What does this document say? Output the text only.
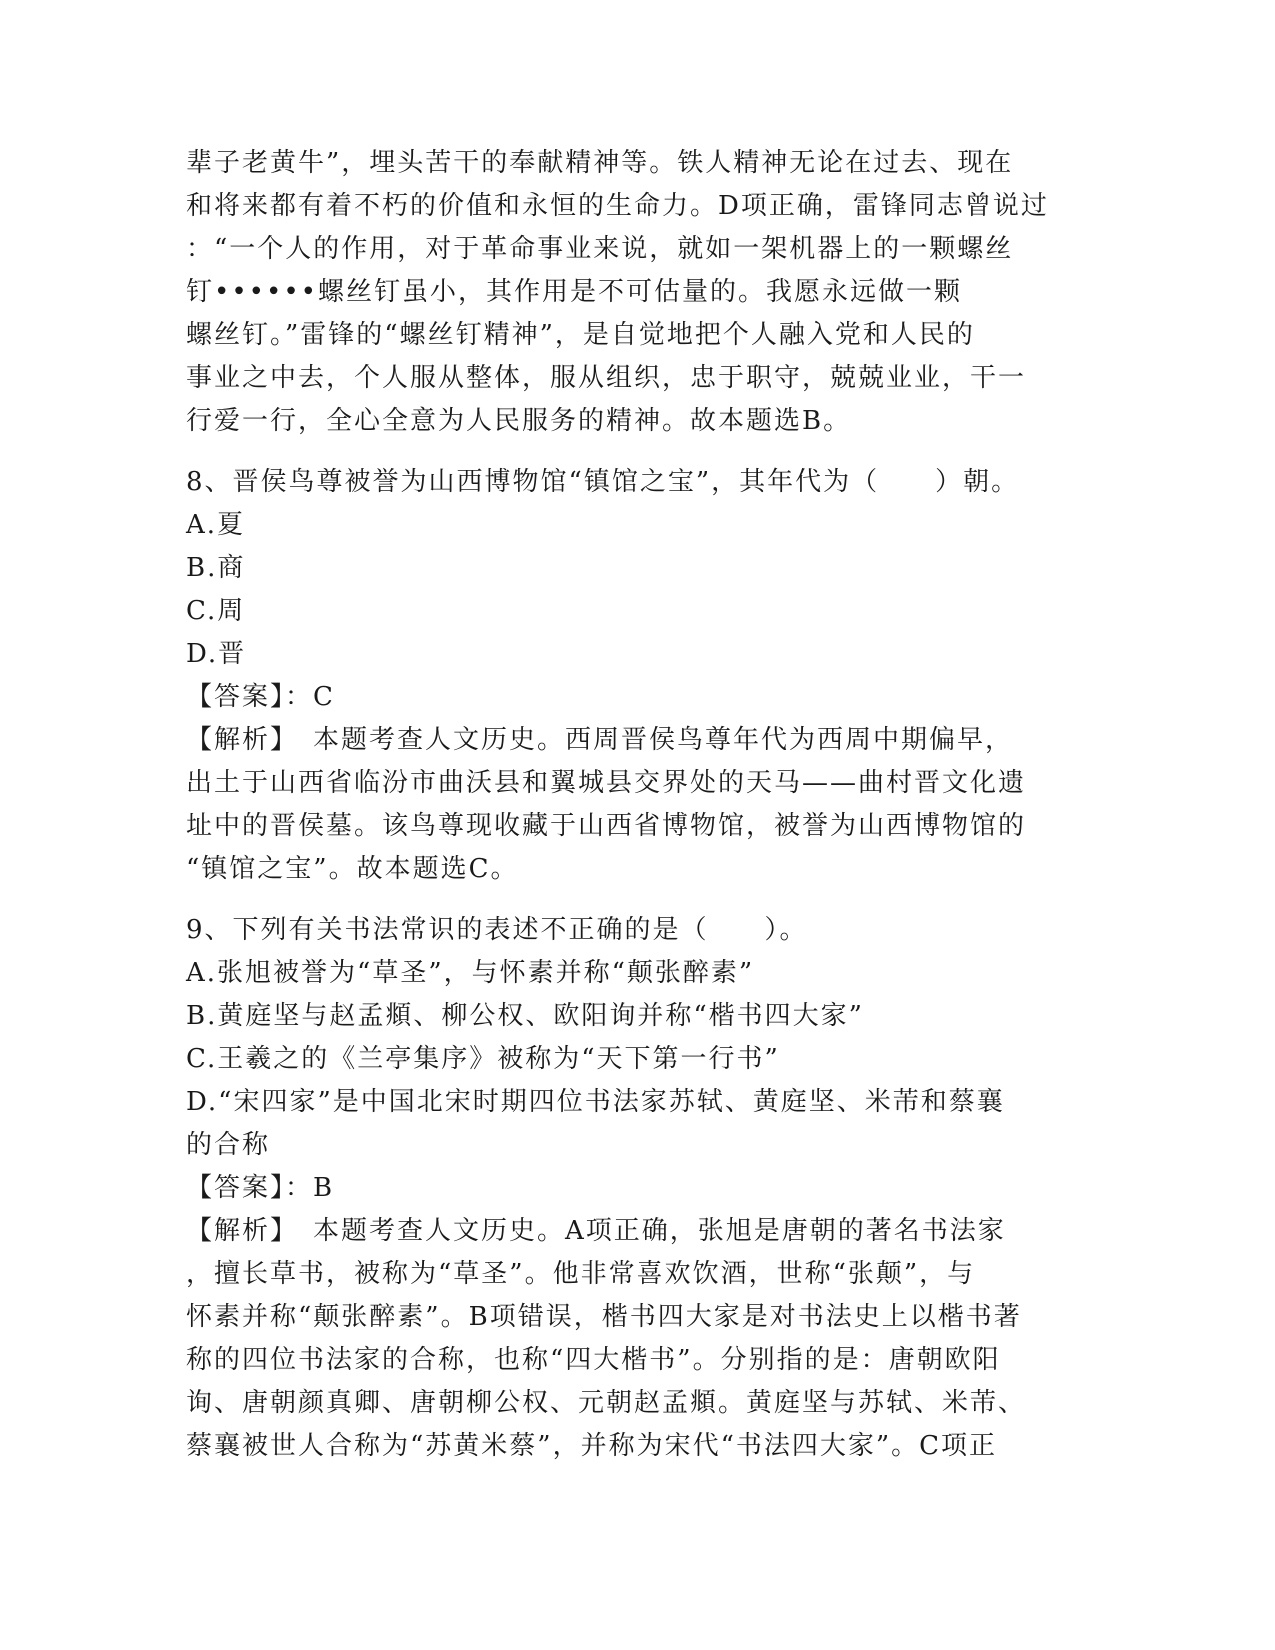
辈子老黄牛”，埋头苦干的奉献精神等。铁人精神无论在过去、现在
和将来都有着不朽的价值和永恒的生命力。D项正确，雷锋同志曾说过
：“一个人的作用，对于革命事业来说，就如一架机器上的一颗螺丝
钉••••••螺丝钉虽小，其作用是不可估量的。我愿永远做一颗
螺丝钉。”雷锋的“螺丝钉精神”，是自觉地把个人融入党和人民的
事业之中去，个人服从整体，服从组织，忠于职守，兢兢业业，干一
行爱一行，全心全意为人民服务的精神。故本题选B。
8、晋侯鸟尊被誉为山西博物馆“镇馆之宝”，其年代为（　　）朝。
A.夏
B.商
C.周
D.晋
【答案】：C
【解析】　本题考查人文历史。西周晋侯鸟尊年代为西周中期偏早，
出土于山西省临汾市曲沃县和翼城县交界处的天马——曲村晋文化遗
址中的晋侯墓。该鸟尊现收藏于山西省博物馆，被誉为山西博物馆的
“镇馆之宝”。故本题选C。
9、下列有关书法常识的表述不正确的是（　　）。
A.张旭被誉为“草圣”，与怀素并称“颠张醉素”
B.黄庭坚与赵孟頫、柳公权、欧阳询并称“楷书四大家”
C.王羲之的《兰亭集序》被称为“天下第一行书”
D.“宋四家”是中国北宋时期四位书法家苏轼、黄庭坚、米芾和蔡襄
的合称
【答案】：B
【解析】　本题考查人文历史。A项正确，张旭是唐朝的著名书法家
，擅长草书，被称为“草圣”。他非常喜欢饮酒，世称“张颠”，与
怀素并称“颠张醉素”。B项错误，楷书四大家是对书法史上以楷书著
称的四位书法家的合称，也称“四大楷书”。分别指的是：唐朝欧阳
询、唐朝颜真卿、唐朝柳公权、元朝赵孟頫。黄庭坚与苏轼、米芾、
蔡襄被世人合称为“苏黄米蔡”，并称为宋代“书法四大家”。C项正
